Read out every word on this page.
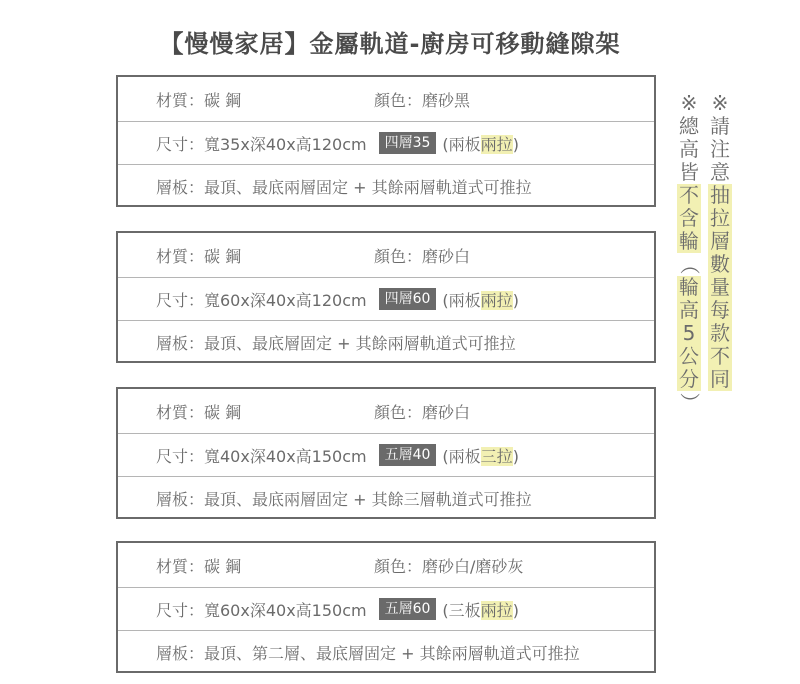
【慢慢家居】金屬軌道-廚房可移動縫隙架
材質：碳 鋼	顏色：磨砂黑
尺寸：寬35x深40x高120cm	四層35 (兩板兩拉)
層板：最頂、最底兩層固定 + 其餘兩層軌道式可推拉
材質：碳 鋼	顏色：磨砂白
尺寸：寬60x深40x高120cm	四層60 (兩板兩拉)
層板：最頂、最底層固定 + 其餘兩層軌道式可推拉
材質：碳 鋼	顏色：磨砂白
尺寸：寬40x深40x高150cm	五層40 (兩板三拉)
層板：最頂、最底兩層固定 + 其餘三層軌道式可推拉
材質：碳 鋼	顏色：磨砂白/磨砂灰
尺寸：寬60x深40x高150cm	五層60 (三板兩拉)
層板：最頂、第二層、最底層固定 + 其餘兩層軌道式可推拉
※
總
高
皆
不
含
輪
（
輪
高
5
公
分
）
※
請
注
意
抽
拉
層
數
量
每
款
不
同
